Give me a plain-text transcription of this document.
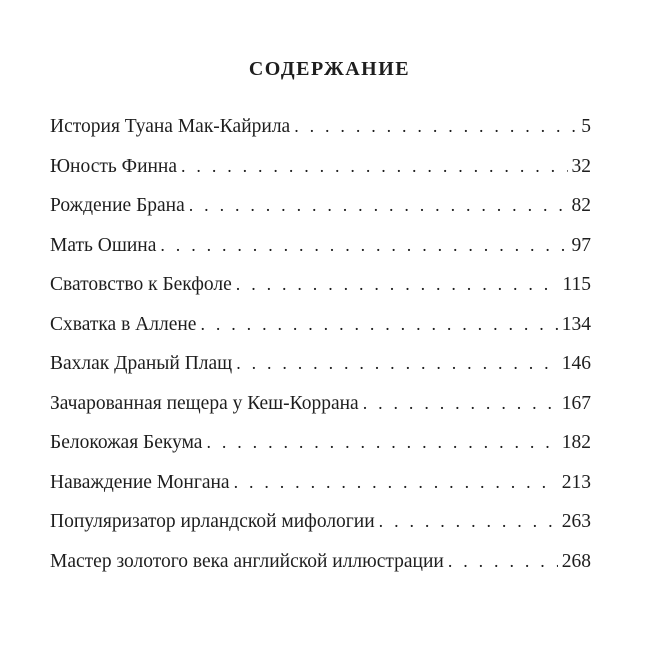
СОДЕРЖАНИЕ
История Туана Мак-Кайрила . . .	5
Юность Финна . . .	32
Рождение Брана . . .	82
Мать Ошина . . .	97
Сватовство к Бекфоле . . .	115
Схватка в Аллене . . .	134
Вахлак Драный Плащ . . .	146
Зачарованная пещера у Кеш-Коррана . . .	167
Белокожая Бекума . . .	182
Наваждение Монгана . . .	213
Популяризатор ирландской мифологии . . .	263
Мастер золотого века английской иллюстрации . . .	268
